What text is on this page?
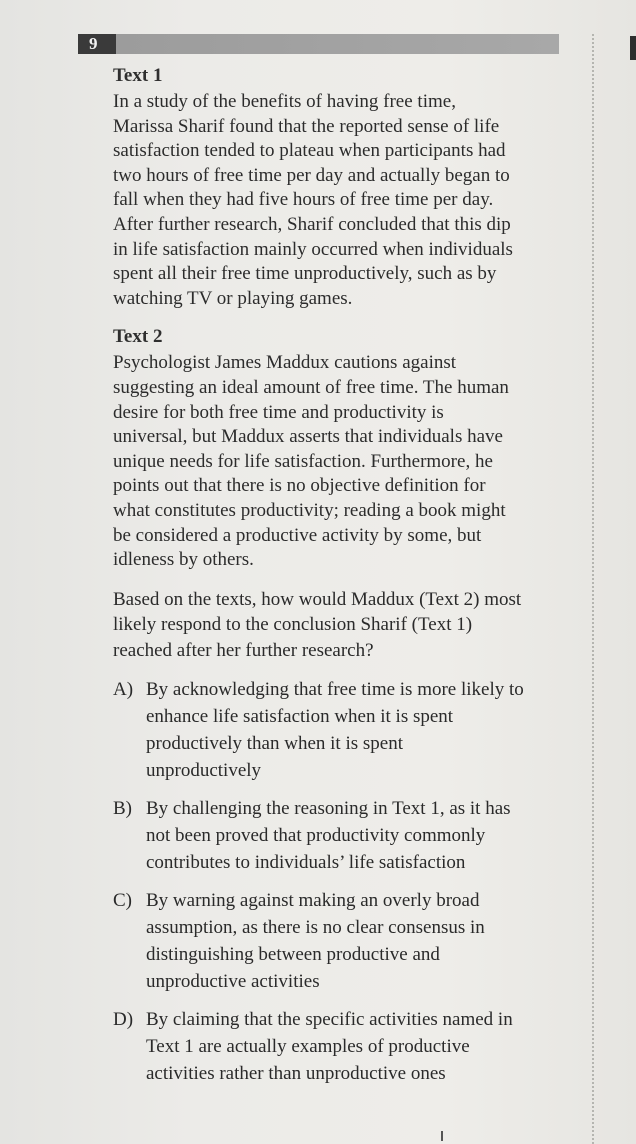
9
Text 1

In a study of the benefits of having free time,
Marissa Sharif found that the reported sense of life
satisfaction tended to plateau when participants had
two hours of free time per day and actually began to
fall when they had five hours of free time per day.
After further research, Sharif concluded that this dip
in life satisfaction mainly occurred when individuals
spent all their free time unproductively, such as by
watching TV or playing games.

Text 2

Psychologist James Maddux cautions against
suggesting an ideal amount of free time. The human
desire for both free time and productivity is
universal, but Maddux asserts that individuals have
unique needs for life satisfaction. Furthermore, he
points out that there is no objective definition for
what constitutes productivity; reading a book might
be considered a productive activity by some, but
idleness by others.

Based on the texts, how would Maddux (Text 2) most
likely respond to the conclusion Sharif (Text 1)
reached after her further research?

A) By acknowledging that free time is more likely to
enhance life satisfaction when it is spent
productively than when it is spent
unproductively
B) By challenging the reasoning in Text 1, as it has
not been proved that productivity commonly
contributes to individuals’ life satisfaction
C) By warning against making an overly broad
assumption, as there is no clear consensus in
distinguishing between productive and
unproductive activities
D) By claiming that the specific activities named in
Text 1 are actually examples of productive
activities rather than unproductive ones
